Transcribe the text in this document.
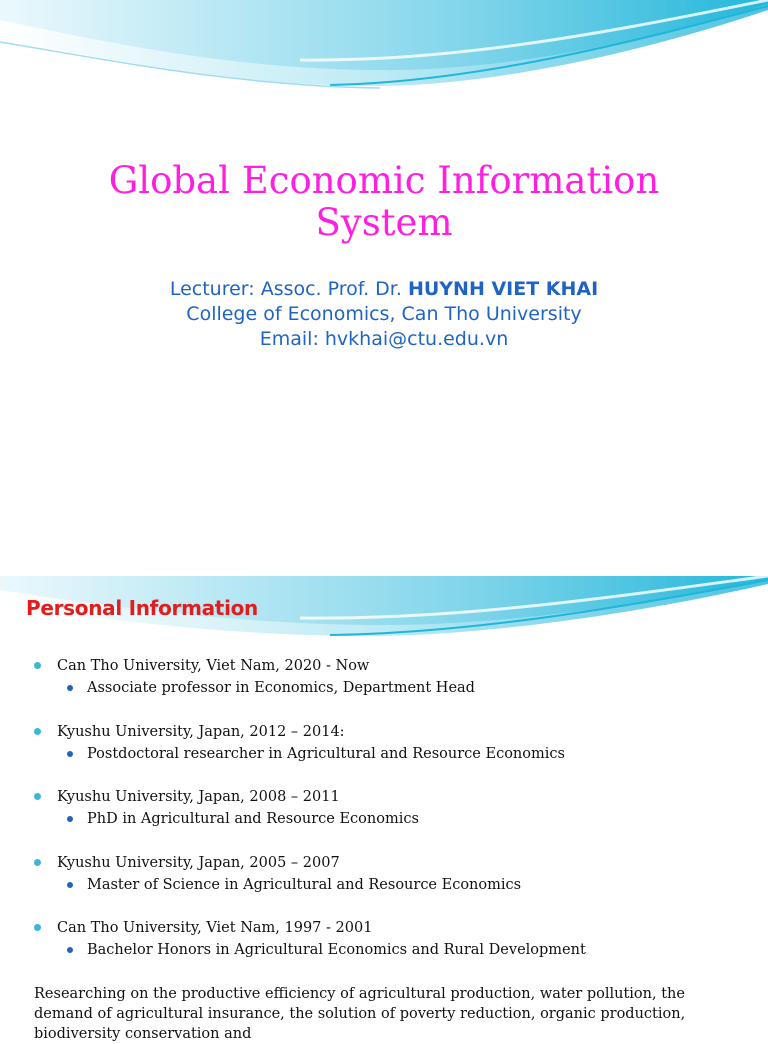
Global Economic Information
System
Lecturer: Assoc. Prof. Dr. HUYNH VIET KHAI
College of Economics, Can Tho University
Email: hvkhai@ctu.edu.vn
Personal Information
Can Tho University, Viet Nam, 2020 - Now
Associate professor in Economics, Department Head
Kyushu University, Japan, 2012 – 2014:
Postdoctoral researcher in Agricultural and Resource Economics
Kyushu University, Japan, 2008 – 2011
PhD in Agricultural and Resource Economics
Kyushu University, Japan, 2005 – 2007
Master of Science in Agricultural and Resource Economics
Can Tho University, Viet Nam, 1997 - 2001
Bachelor Honors in Agricultural Economics and Rural Development
Researching on the productive efficiency of agricultural production, water pollution, the demand of agricultural insurance, the solution of poverty reduction, organic production, biodiversity conservation and
